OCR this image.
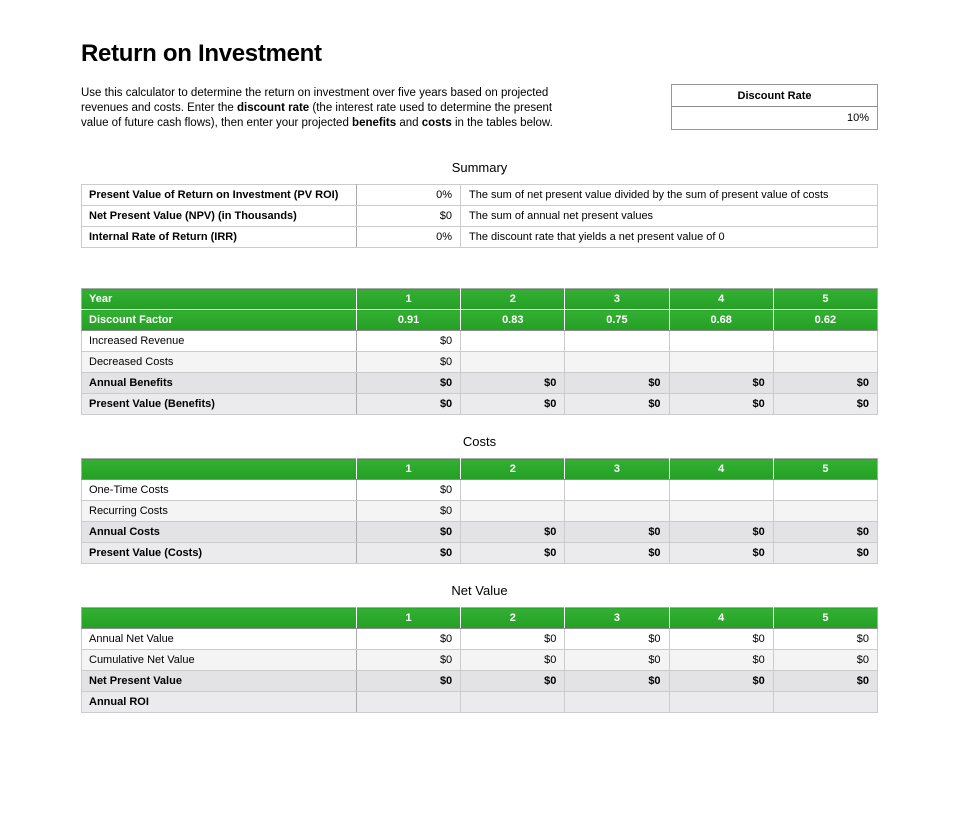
Return on Investment

Use this calculator to determine the return on investment over five years based on projected
revenues and costs. Enter the discount rate (the interest rate used to determine the present
value of future cash flows), then enter your projected benefits and costs in the tables below.

Discount Rate
10%
Summary
Present Value of Return on Investment (PV ROI)	0%	The sum of net present value divided by the sum of present value of costs
Net Present Value (NPV) (in Thousands)	$0	The sum of annual net present values
Internal Rate of Return (IRR)	0%	The discount rate that yields a net present value of 0
Year	1	2	3	4	5
Discount Factor	0.91	0.83	0.75	0.68	0.62
Increased Revenue	$0				
Decreased Costs	$0				
Annual Benefits	$0	$0	$0	$0	$0
Present Value (Benefits)	$0	$0	$0	$0	$0
Costs
	1	2	3	4	5
One-Time Costs	$0				
Recurring Costs	$0				
Annual Costs	$0	$0	$0	$0	$0
Present Value (Costs)	$0	$0	$0	$0	$0
Net Value
	1	2	3	4	5
Annual Net Value	$0	$0	$0	$0	$0
Cumulative Net Value	$0	$0	$0	$0	$0
Net Present Value	$0	$0	$0	$0	$0
Annual ROI					
